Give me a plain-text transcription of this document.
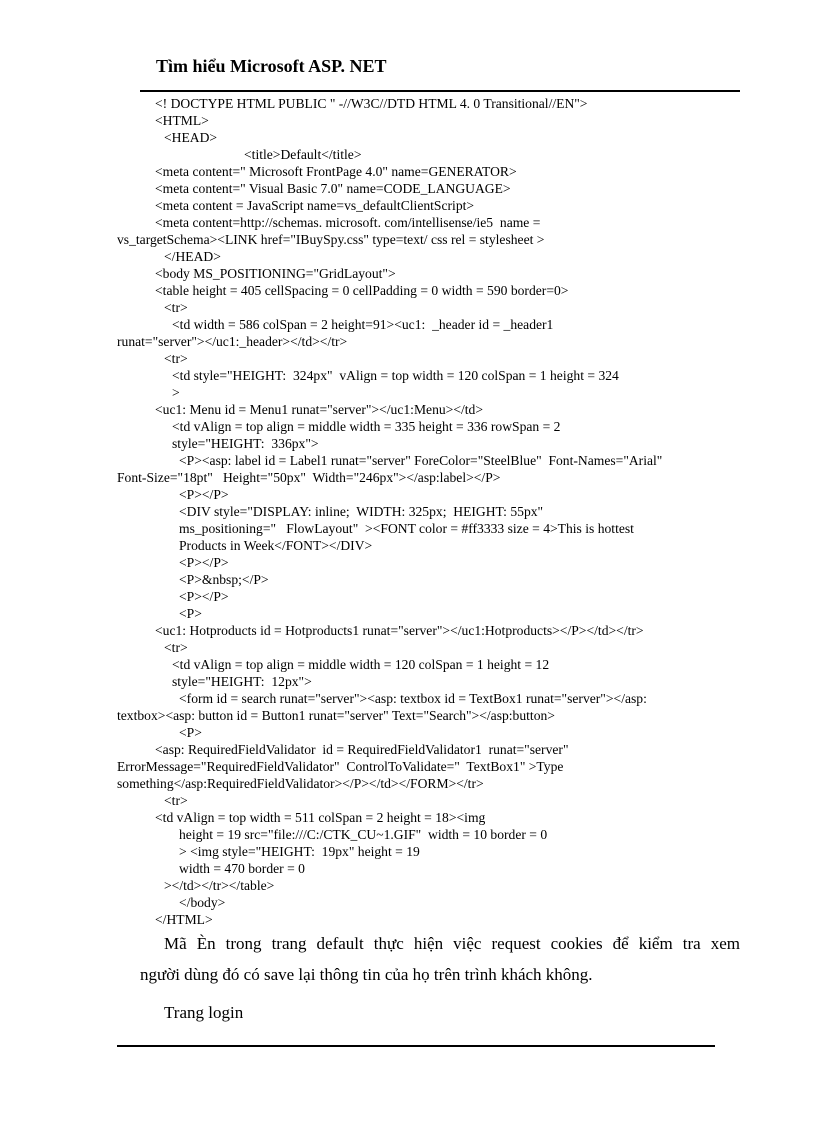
Tìm hiểu Microsoft ASP. NET
<! DOCTYPE HTML PUBLIC " -//W3C//DTD HTML 4. 0 Transitional//EN">
<HTML>
<HEAD>
<title>Default</title>
<meta content=" Microsoft FrontPage 4.0" name=GENERATOR>
<meta content=" Visual Basic 7.0" name=CODE_LANGUAGE>
<meta content = JavaScript name=vs_defaultClientScript>
<meta content=http://schemas. microsoft. com/intellisense/ie5  name =
vs_targetSchema><LINK href="IBuySpy.css" type=text/ css rel = stylesheet >
</HEAD>
<body MS_POSITIONING="GridLayout">
<table height = 405 cellSpacing = 0 cellPadding = 0 width = 590 border=0>
<tr>
<td width = 586 colSpan = 2 height=91><uc1:  _header id = _header1
runat="server"></uc1:_header></td></tr>
<tr>
<td style="HEIGHT:  324px"  vAlign = top width = 120 colSpan = 1 height = 324
>
<uc1: Menu id = Menu1 runat="server"></uc1:Menu></td>
<td vAlign = top align = middle width = 335 height = 336 rowSpan = 2
style="HEIGHT:  336px">
<P><asp: label id = Label1 runat="server" ForeColor="SteelBlue"  Font-Names="Arial"
Font-Size="18pt"   Height="50px"  Width="246px"></asp:label></P>
<P></P>
<DIV style="DISPLAY: inline;  WIDTH: 325px;  HEIGHT: 55px"
ms_positioning="   FlowLayout"  ><FONT color = #ff3333 size = 4>This is hottest
Products in Week</FONT></DIV>
<P></P>
<P>&nbsp;</P>
<P></P>
<P>
<uc1: Hotproducts id = Hotproducts1 runat="server"></uc1:Hotproducts></P></td></tr>
<tr>
<td vAlign = top align = middle width = 120 colSpan = 1 height = 12
style="HEIGHT:  12px">
<form id = search runat="server"><asp: textbox id = TextBox1 runat="server"></asp:
textbox><asp: button id = Button1 runat="server" Text="Search"></asp:button>
<P>
<asp: RequiredFieldValidator  id = RequiredFieldValidator1  runat="server"
ErrorMessage="RequiredFieldValidator"  ControlToValidate="  TextBox1" >Type
something</asp:RequiredFieldValidator></P></td></FORM></tr>
<tr>
<td vAlign = top width = 511 colSpan = 2 height = 18><img
height = 19 src="file:///C:/CTK_CU~1.GIF"  width = 10 border = 0
> <img style="HEIGHT:  19px" height = 19
width = 470 border = 0
></td></tr></table>
</body>
</HTML>
Mã Èn trong trang default thực hiện việc request cookies để kiểm tra xem
người dùng đó có save lại thông tin của họ trên trình khách không.
Trang login
